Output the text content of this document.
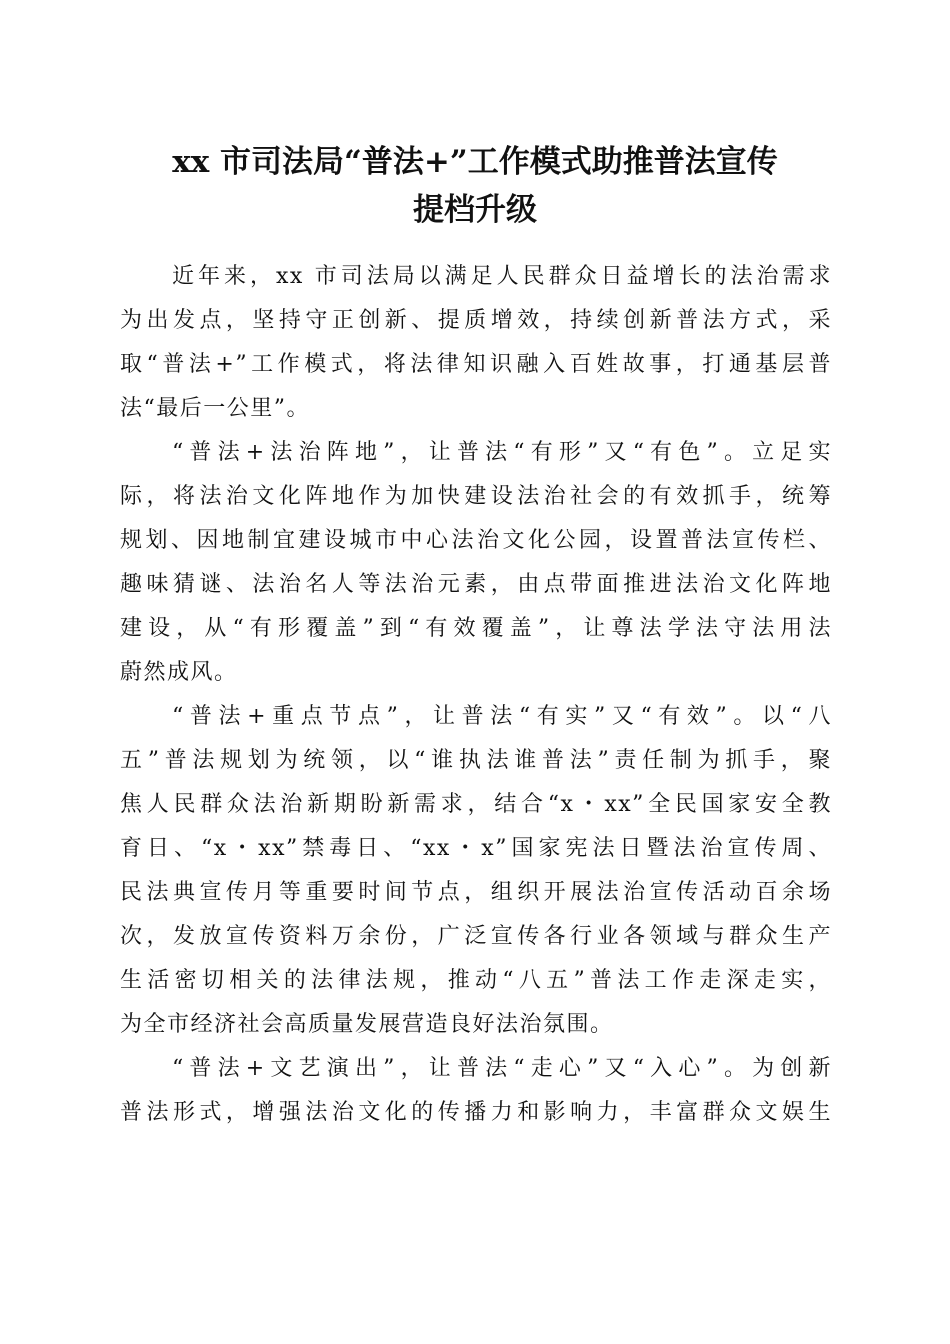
xx 市司法局“普法+”工作模式助推普法宣传
提档升级
近年来，xx 市司法局以满足人民群众日益增长的法治需求
为出发点，坚持守正创新、提质增效，持续创新普法方式，采
取“普法+”工作模式，将法律知识融入百姓故事，打通基层普
法“最后一公里”。
“普法+法治阵地”，让普法“有形”又“有色”。立足实
际，将法治文化阵地作为加快建设法治社会的有效抓手，统筹
规划、因地制宜建设城市中心法治文化公园，设置普法宣传栏、
趣味猜谜、法治名人等法治元素，由点带面推进法治文化阵地
建设，从“有形覆盖”到“有效覆盖”，让尊法学法守法用法
蔚然成风。
“普法+重点节点”，让普法“有实”又“有效”。以“八
五”普法规划为统领，以“谁执法谁普法”责任制为抓手，聚
焦人民群众法治新期盼新需求，结合“x・xx”全民国家安全教
育日、“x・xx”禁毒日、“xx・x”国家宪法日暨法治宣传周、
民法典宣传月等重要时间节点，组织开展法治宣传活动百余场
次，发放宣传资料万余份，广泛宣传各行业各领域与群众生产
生活密切相关的法律法规，推动“八五”普法工作走深走实，
为全市经济社会高质量发展营造良好法治氛围。
“普法+文艺演出”，让普法“走心”又“入心”。为创新
普法形式，增强法治文化的传播力和影响力，丰富群众文娱生
